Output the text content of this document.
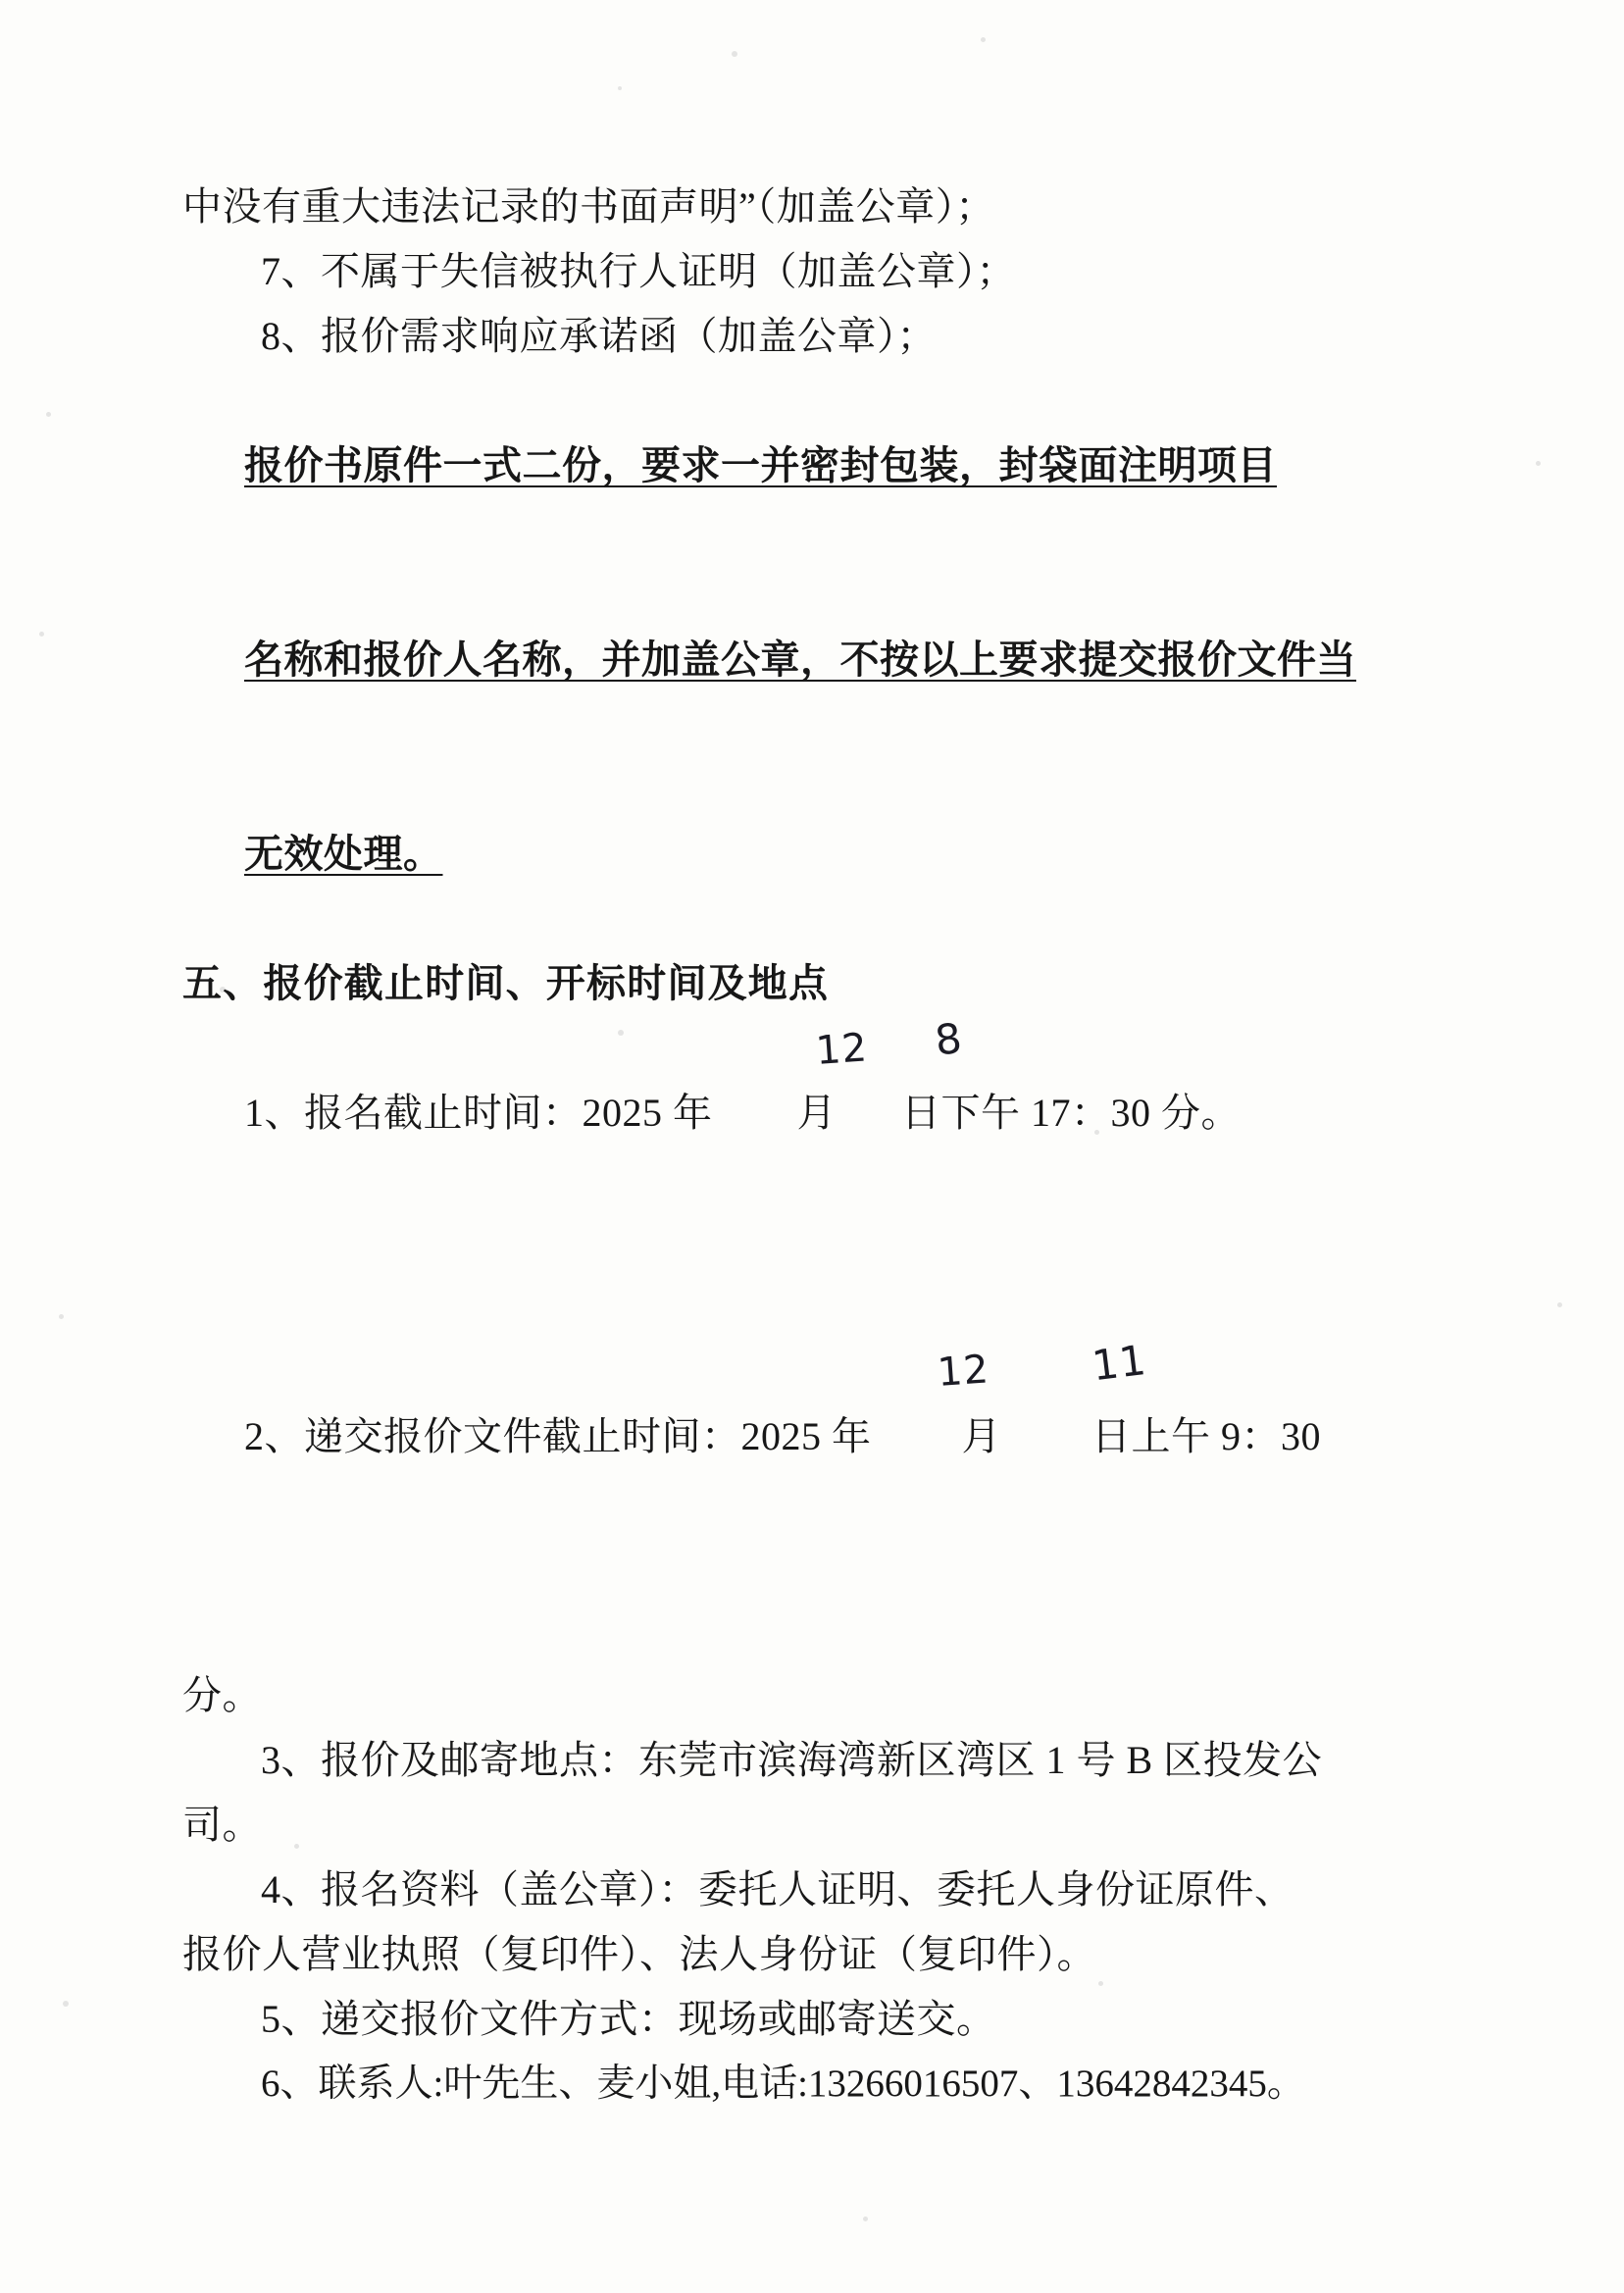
中没有重大违法记录的书面声明”（加盖公章）；
7、不属于失信被执行人证明（加盖公章）；
8、报价需求响应承诺函（加盖公章）；

报价书原件一式二份，要求一并密封包装，封袋面注明项目

名称和报价人名称，并加盖公章，不按以上要求提交报价文件当

无效处理。

五、报价截止时间、开标时间及地点

1、报名截止时间：2025 年 月 日下午 17：30 分。

12

	8

2、递交报价文件截止时间：2025 年 月 日上午 9：30

12

	11

分。
3、报价及邮寄地点：东莞市滨海湾新区湾区 1 号 B 区投发公
司。
4、报名资料（盖公章）：委托人证明、委托人身份证原件、
报价人营业执照（复印件）、法人身份证（复印件）。
5、递交报价文件方式：现场或邮寄送交。
6、联系人:叶先生、麦小姐,电话:13266016507、13642842345。
